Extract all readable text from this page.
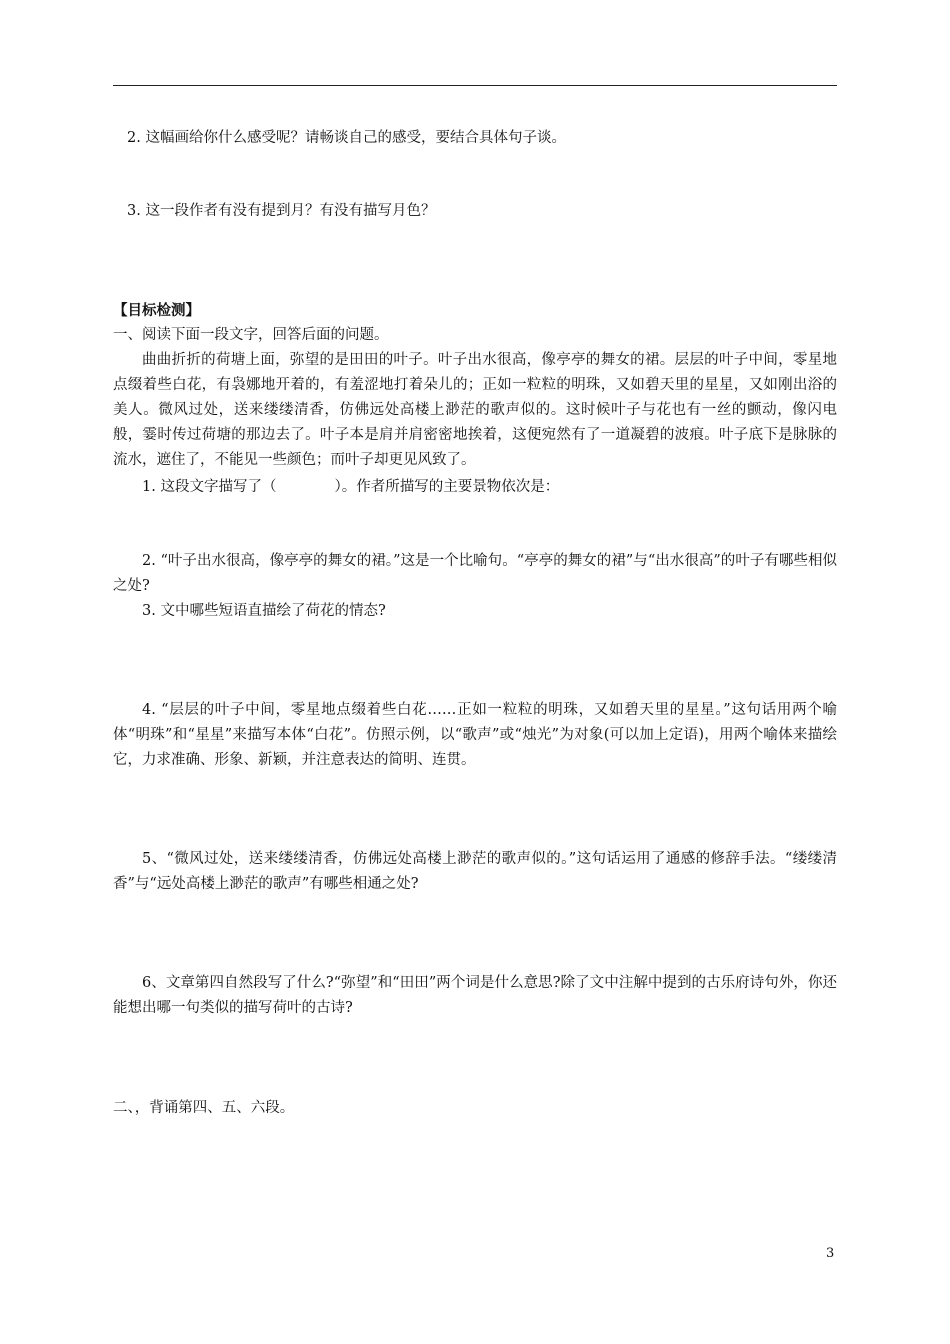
2. 这幅画给你什么感受呢？请畅谈自己的感受，要结合具体句子谈。
3. 这一段作者有没有提到月？有没有描写月色？
【目标检测】
一、阅读下面一段文字，回答后面的问题。
曲曲折折的荷塘上面，弥望的是田田的叶子。叶子出水很高，像亭亭的舞女的裙。层层的叶子中间，零星地点缀着些白花，有袅娜地开着的，有羞涩地打着朵儿的；正如一粒粒的明珠，又如碧天里的星星，又如刚出浴的美人。微风过处，送来缕缕清香，仿佛远处高楼上渺茫的歌声似的。这时候叶子与花也有一丝的颤动，像闪电般，霎时传过荷塘的那边去了。叶子本是肩并肩密密地挨着，这便宛然有了一道凝碧的波痕。叶子底下是脉脉的流水，遮住了，不能见一些颜色；而叶子却更见风致了。
1. 这段文字描写了（　　　　）。作者所描写的主要景物依次是：
2. “叶子出水很高，像亭亭的舞女的裙。”这是一个比喻句。“亭亭的舞女的裙”与“出水很高”的叶子有哪些相似之处?
3. 文中哪些短语直描绘了荷花的情态?
4. “层层的叶子中间，零星地点缀着些白花……正如一粒粒的明珠，又如碧天里的星星。”这句话用两个喻体“明珠”和“星星”来描写本体“白花”。仿照示例，以“歌声”或“烛光”为对象(可以加上定语)，用两个喻体来描绘它，力求准确、形象、新颖，并注意表达的简明、连贯。
5、“微风过处，送来缕缕清香，仿佛远处高楼上渺茫的歌声似的。”这句话运用了通感的修辞手法。“缕缕清香”与“远处高楼上渺茫的歌声”有哪些相通之处?
6、文章第四自然段写了什么?“弥望”和“田田”两个词是什么意思?除了文中注解中提到的古乐府诗句外，你还能想出哪一句类似的描写荷叶的古诗?
二、，背诵第四、五、六段。
3
